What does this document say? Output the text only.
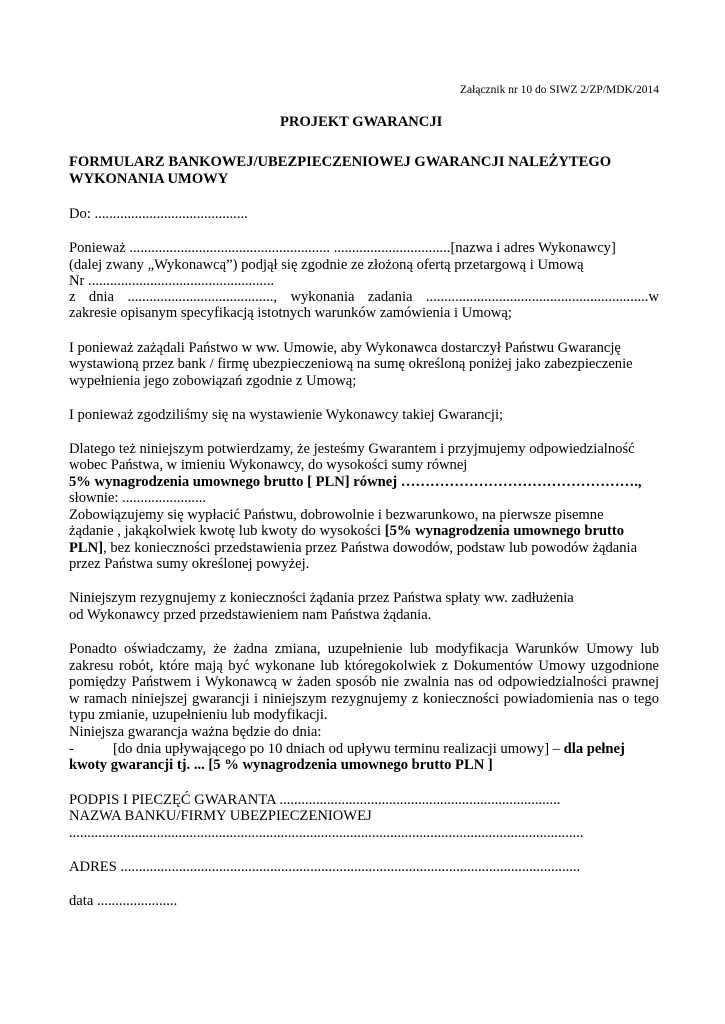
Załącznik nr 10 do SIWZ 2/ZP/MDK/2014
PROJEKT GWARANCJI
FORMULARZ BANKOWEJ/UBEZPIECZENIOWEJ GWARANCJI NALEŻYTEGO
WYKONANIA UMOWY
Do: ..........................................
Ponieważ ....................................................... ................................[nazwa i adres Wykonawcy]
(dalej zwany „Wykonawcą”) podjął się zgodnie ze złożoną ofertą przetargową i Umową
Nr ...................................................
z dnia ........................................, wykonania zadania .............................................................w
zakresie opisanym specyfikacją istotnych warunków zamówienia i Umową;
I ponieważ zażądali Państwo w ww. Umowie, aby Wykonawca dostarczył Państwu Gwarancję
wystawioną przez bank / firmę ubezpieczeniową na sumę określoną poniżej jako zabezpieczenie
wypełnienia jego zobowiązań zgodnie z Umową;
I ponieważ zgodziliśmy się na wystawienie Wykonawcy takiej Gwarancji;
Dlatego też niniejszym potwierdzamy, że jesteśmy Gwarantem i przyjmujemy odpowiedzialność
wobec Państwa, w imieniu Wykonawcy, do wysokości sumy równej
5% wynagrodzenia umownego brutto [ PLN] równej ………………………………………….,
słownie: .......................
Zobowiązujemy się wypłacić Państwu, dobrowolnie i bezwarunkowo, na pierwsze pisemne
żądanie , jakąkolwiek kwotę lub kwoty do wysokości [5% wynagrodzenia umownego brutto
PLN], bez konieczności przedstawienia przez Państwa dowodów, podstaw lub powodów żądania
przez Państwa sumy określonej powyżej.
Niniejszym rezygnujemy z konieczności żądania przez Państwa spłaty ww. zadłużenia
od Wykonawcy przed przedstawieniem nam Państwa żądania.
Ponadto oświadczamy, że żadna zmiana, uzupełnienie lub modyfikacja Warunków Umowy lub
zakresu robót, które mają być wykonane lub któregokolwiek z Dokumentów Umowy uzgodnione
pomiędzy Państwem i Wykonawcą w żaden sposób nie zwalnia nas od odpowiedzialności prawnej
w ramach niniejszej gwarancji i niniejszym rezygnujemy z konieczności powiadomienia nas o tego
typu zmianie, uzupełnieniu lub modyfikacji.
Niniejsza gwarancja ważna będzie do dnia:
-	[do dnia upływającego po 10 dniach od upływu terminu realizacji umowy] – dla pełnej
kwoty gwarancji tj. ... [5 % wynagrodzenia umownego brutto PLN ]
PODPIS I PIECZĘĆ GWARANTA .............................................................................
NAZWA BANKU/FIRMY UBEZPIECZENIOWEJ
.............................................................................................................................................
ADRES ..............................................................................................................................
data ......................
